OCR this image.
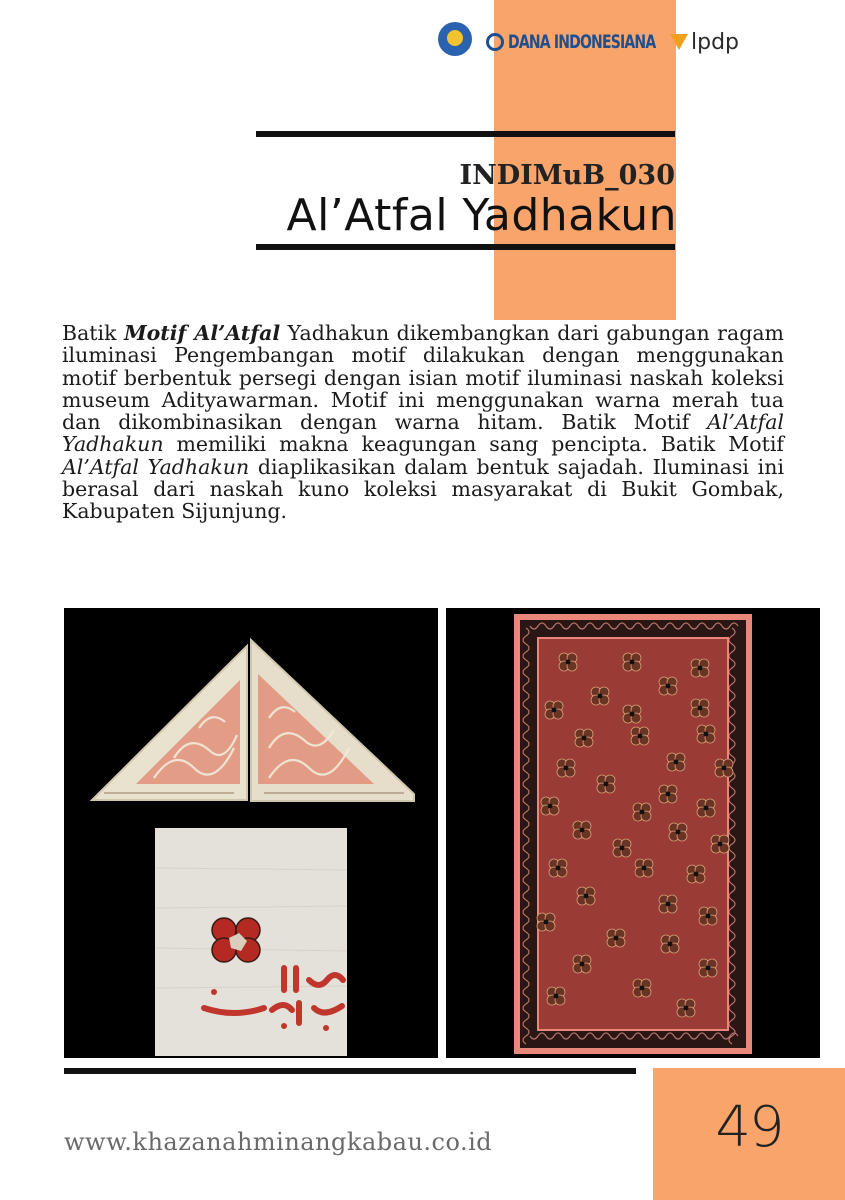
DANA INDONESIANA lpdp
INDIMuB_030
Al’Atfal Yadhakun
Batik Motif Al’Atfal Yadhakun dikembangkan dari gabungan ragam iluminasi Pengembangan motif dilakukan dengan menggunakan motif berbentuk persegi dengan isian motif iluminasi naskah koleksi museum Adityawarman. Motif ini menggunakan warna merah tua dan dikombinasikan dengan warna hitam. Batik Motif Al’Atfal Yadhakun memiliki makna keagungan sang pencipta. Batik Motif Al’Atfal Yadhakun diaplikasikan dalam bentuk sajadah. Iluminasi ini berasal dari naskah kuno koleksi masyarakat di Bukit Gombak, Kabupaten Sijunjung.
49
www.khazanahminangkabau.co.id
